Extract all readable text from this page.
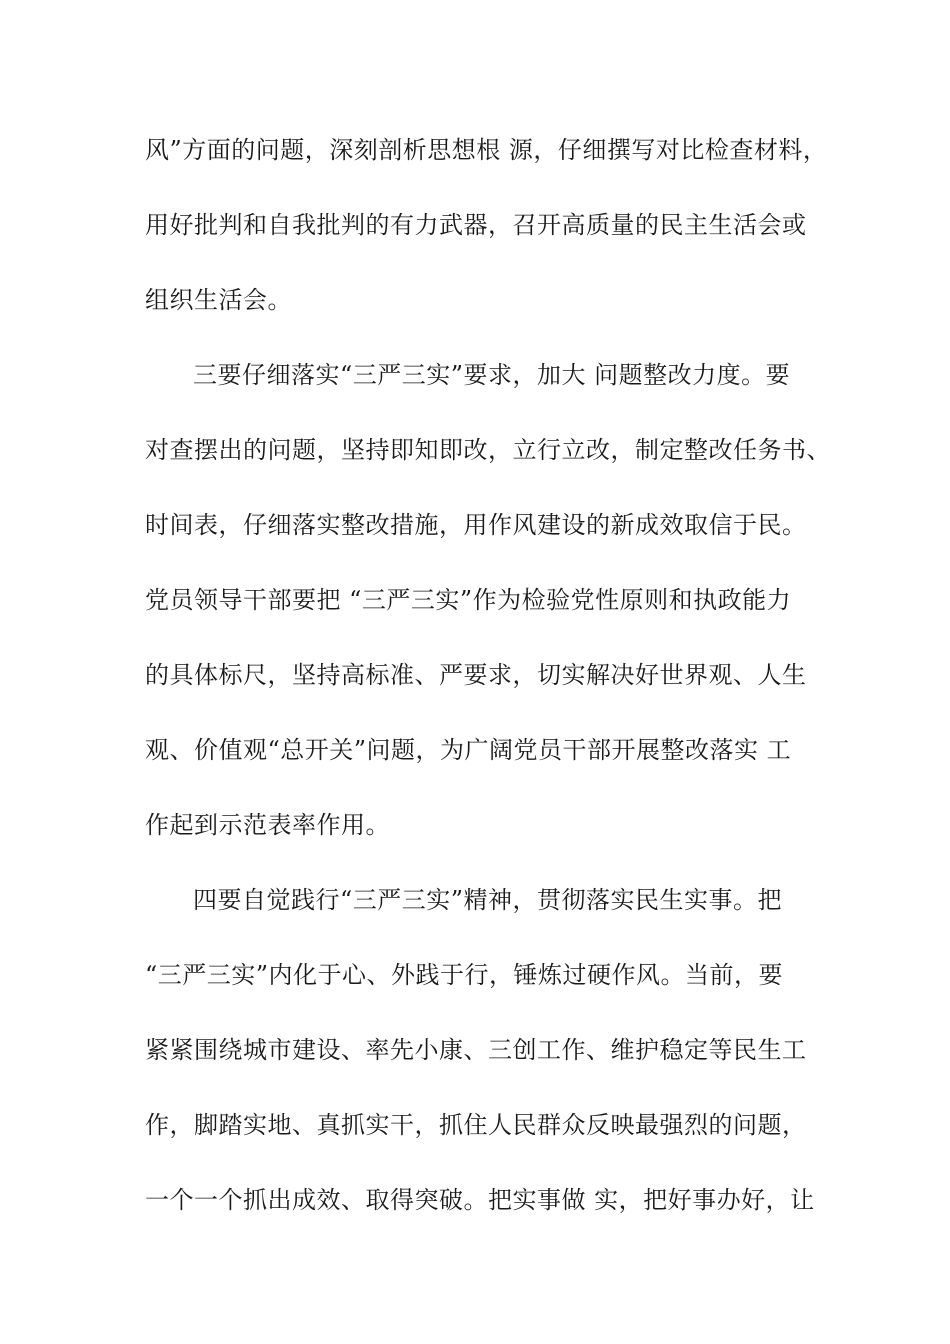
风”方面的问题，深刻剖析思想根 源，仔细撰写对比检查材料，
用好批判和自我批判的有力武器，召开高质量的民主生活会或
组织生活会。
三要仔细落实“三严三实”要求，加大 问题整改力度。要
对查摆出的问题，坚持即知即改，立行立改，制定整改任务书、
时间表，仔细落实整改措施，用作风建设的新成效取信于民。
党员领导干部要把 “三严三实”作为检验党性原则和执政能力
的具体标尺，坚持高标准、严要求，切实解决好世界观、人生
观、价值观“总开关”问题，为广阔党员干部开展整改落实 工
作起到示范表率作用。
四要自觉践行“三严三实”精神，贯彻落实民生实事。把
“三严三实”内化于心、外践于行，锤炼过硬作风。当前，要
紧紧围绕城市建设、率先小康、三创工作、维护稳定等民生工
作，脚踏实地、真抓实干，抓住人民群众反映最强烈的问题，
一个一个抓出成效、取得突破。把实事做 实，把好事办好，让
